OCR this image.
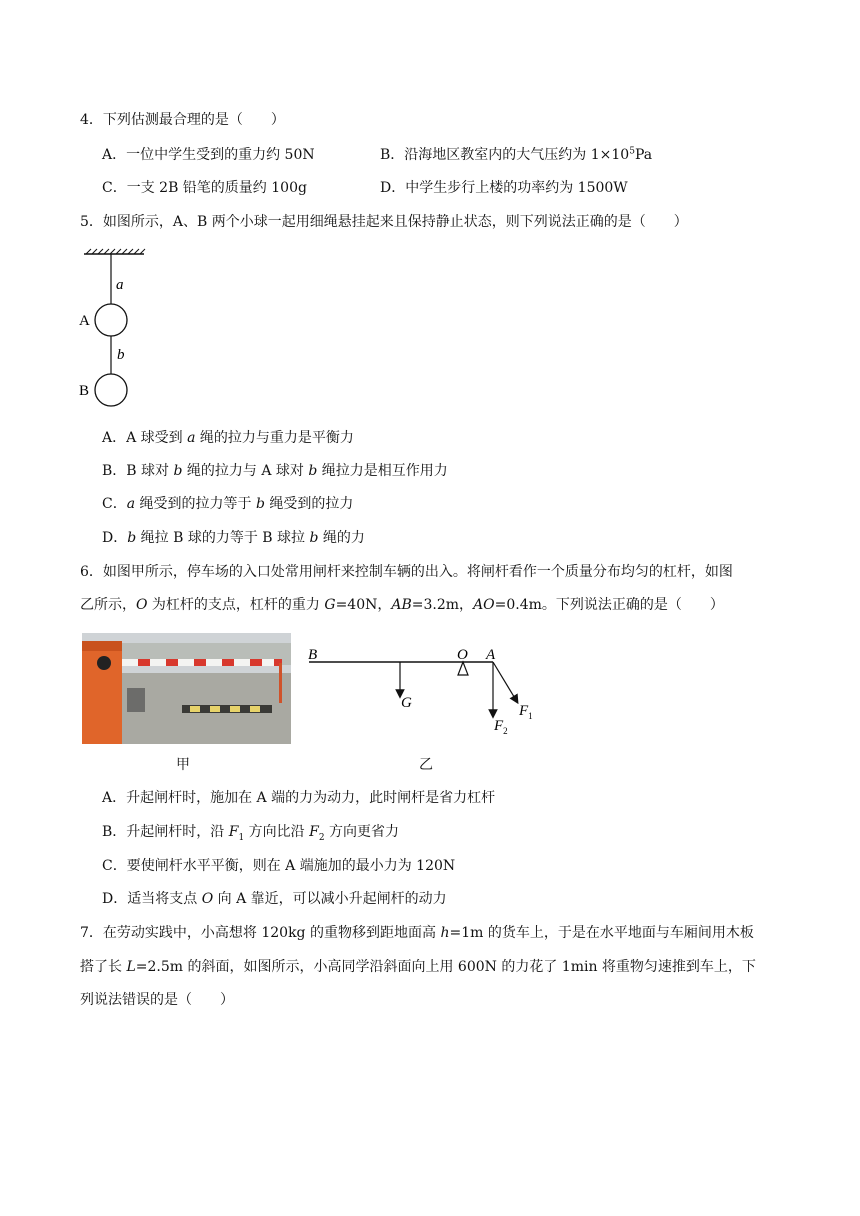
4．下列估测最合理的是（　　）
A．一位中学生受到的重力约 50N	B．沿海地区教室内的大气压约为 $1\times 10^5Pa$
C．一支 2B 铅笔的质量约 100g	D．中学生步行上楼的功率约为 1500W
5．如图所示，A、B 两个小球一起用细绳悬挂起来且保持静止状态，则下列说法正确的是（　　）
a
b
A
B
A．A 球受到 a 绳的拉力与重力是平衡力
B．B 球对 b 绳的拉力与 A 球对 b 绳拉力是相互作用力
C．a 绳受到的拉力等于 b 绳受到的拉力
D．b 绳拉 B 球的力等于 B 球拉 b 绳的力
6．如图甲所示，停车场的入口处常用闸杆来控制车辆的出入。将闸杆看作一个质量分布均匀的杠杆，如图
乙所示，O 为杠杆的支点，杠杆的重力 G=40N，AB=3.2m，AO=0.4m。下列说法正确的是（　　）
甲
B	O A
G	$F_1$
$F_2$
乙
A．升起闸杆时，施加在 A 端的力为动力，此时闸杆是省力杠杆
B．升起闸杆时，沿 $F_1$ 方向比沿 $F_2$ 方向更省力
C．要使闸杆水平平衡，则在 A 端施加的最小力为 120N
D．适当将支点 O 向 A 靠近，可以减小升起闸杆的动力
7．在劳动实践中，小高想将 120kg 的重物移到距地面高 h=1m 的货车上，于是在水平地面与车厢间用木板
搭了长 L=2.5m 的斜面，如图所示，小高同学沿斜面向上用 600N 的力花了 1min 将重物匀速推到车上，下
列说法错误的是（　　）
